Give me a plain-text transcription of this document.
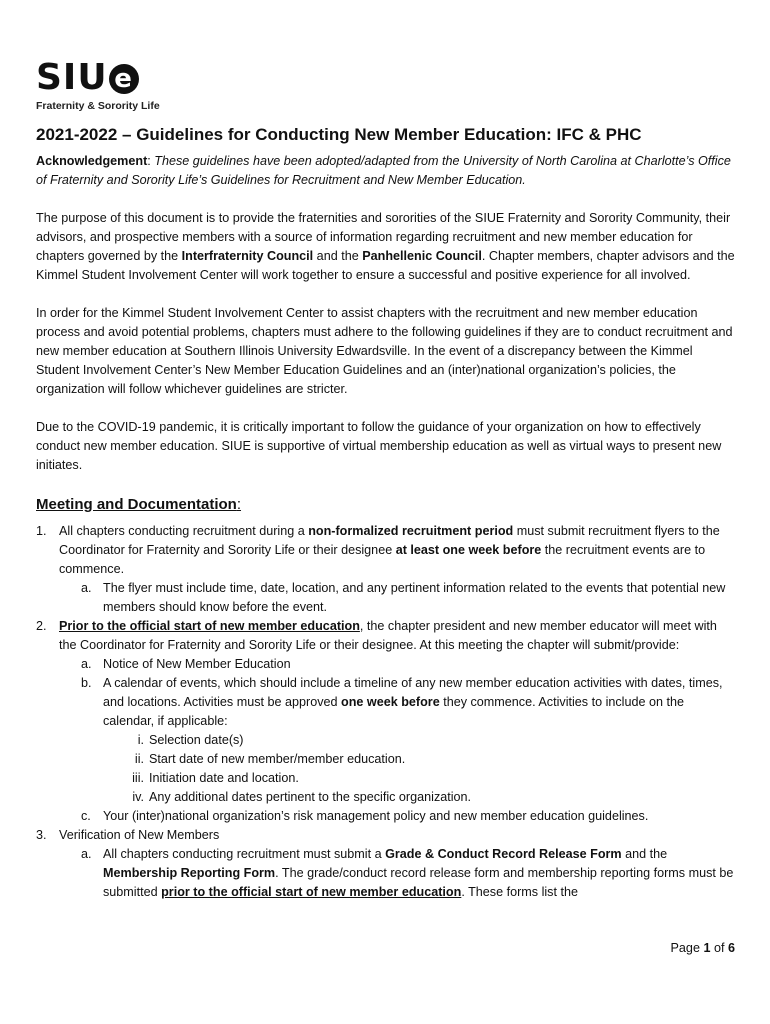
SIU e
Fraternity & Sorority Life
2021-2022 – Guidelines for Conducting New Member Education: IFC & PHC

Acknowledgement: These guidelines have been adopted/adapted from the University of North Carolina at Charlotte’s Office of Fraternity and Sorority Life’s Guidelines for Recruitment and New Member Education.

The purpose of this document is to provide the fraternities and sororities of the SIUE Fraternity and Sorority Community, their advisors, and prospective members with a source of information regarding recruitment and new member education for chapters governed by the Interfraternity Council and the Panhellenic Council. Chapter members, chapter advisors and the Kimmel Student Involvement Center will work together to ensure a successful and positive experience for all involved.

In order for the Kimmel Student Involvement Center to assist chapters with the recruitment and new member education process and avoid potential problems, chapters must adhere to the following guidelines if they are to conduct recruitment and new member education at Southern Illinois University Edwardsville. In the event of a discrepancy between the Kimmel Student Involvement Center’s New Member Education Guidelines and an (inter)national organization’s policies, the organization will follow whichever guidelines are stricter.

Due to the COVID-19 pandemic, it is critically important to follow the guidance of your organization on how to effectively conduct new member education. SIUE is supportive of virtual membership education as well as virtual ways to present new initiates.

Meeting and Documentation:
1. All chapters conducting recruitment during a non-formalized recruitment period must submit recruitment flyers to the Coordinator for Fraternity and Sorority Life or their designee at least one week before the recruitment events are to commence.
a. The flyer must include time, date, location, and any pertinent information related to the events that potential new members should know before the event.
2. Prior to the official start of new member education, the chapter president and new member educator will meet with the Coordinator for Fraternity and Sorority Life or their designee. At this meeting the chapter will submit/provide:
a. Notice of New Member Education
b. A calendar of events, which should include a timeline of any new member education activities with dates, times, and locations. Activities must be approved one week before they commence. Activities to include on the calendar, if applicable:
i. Selection date(s)
ii. Start date of new member/member education.
iii. Initiation date and location.
iv. Any additional dates pertinent to the specific organization.
c. Your (inter)national organization’s risk management policy and new member education guidelines.
3. Verification of New Members
a. All chapters conducting recruitment must submit a Grade & Conduct Record Release Form and the Membership Reporting Form. The grade/conduct record release form and membership reporting forms must be submitted prior to the official start of new member education. These forms list the
Page 1 of 6
